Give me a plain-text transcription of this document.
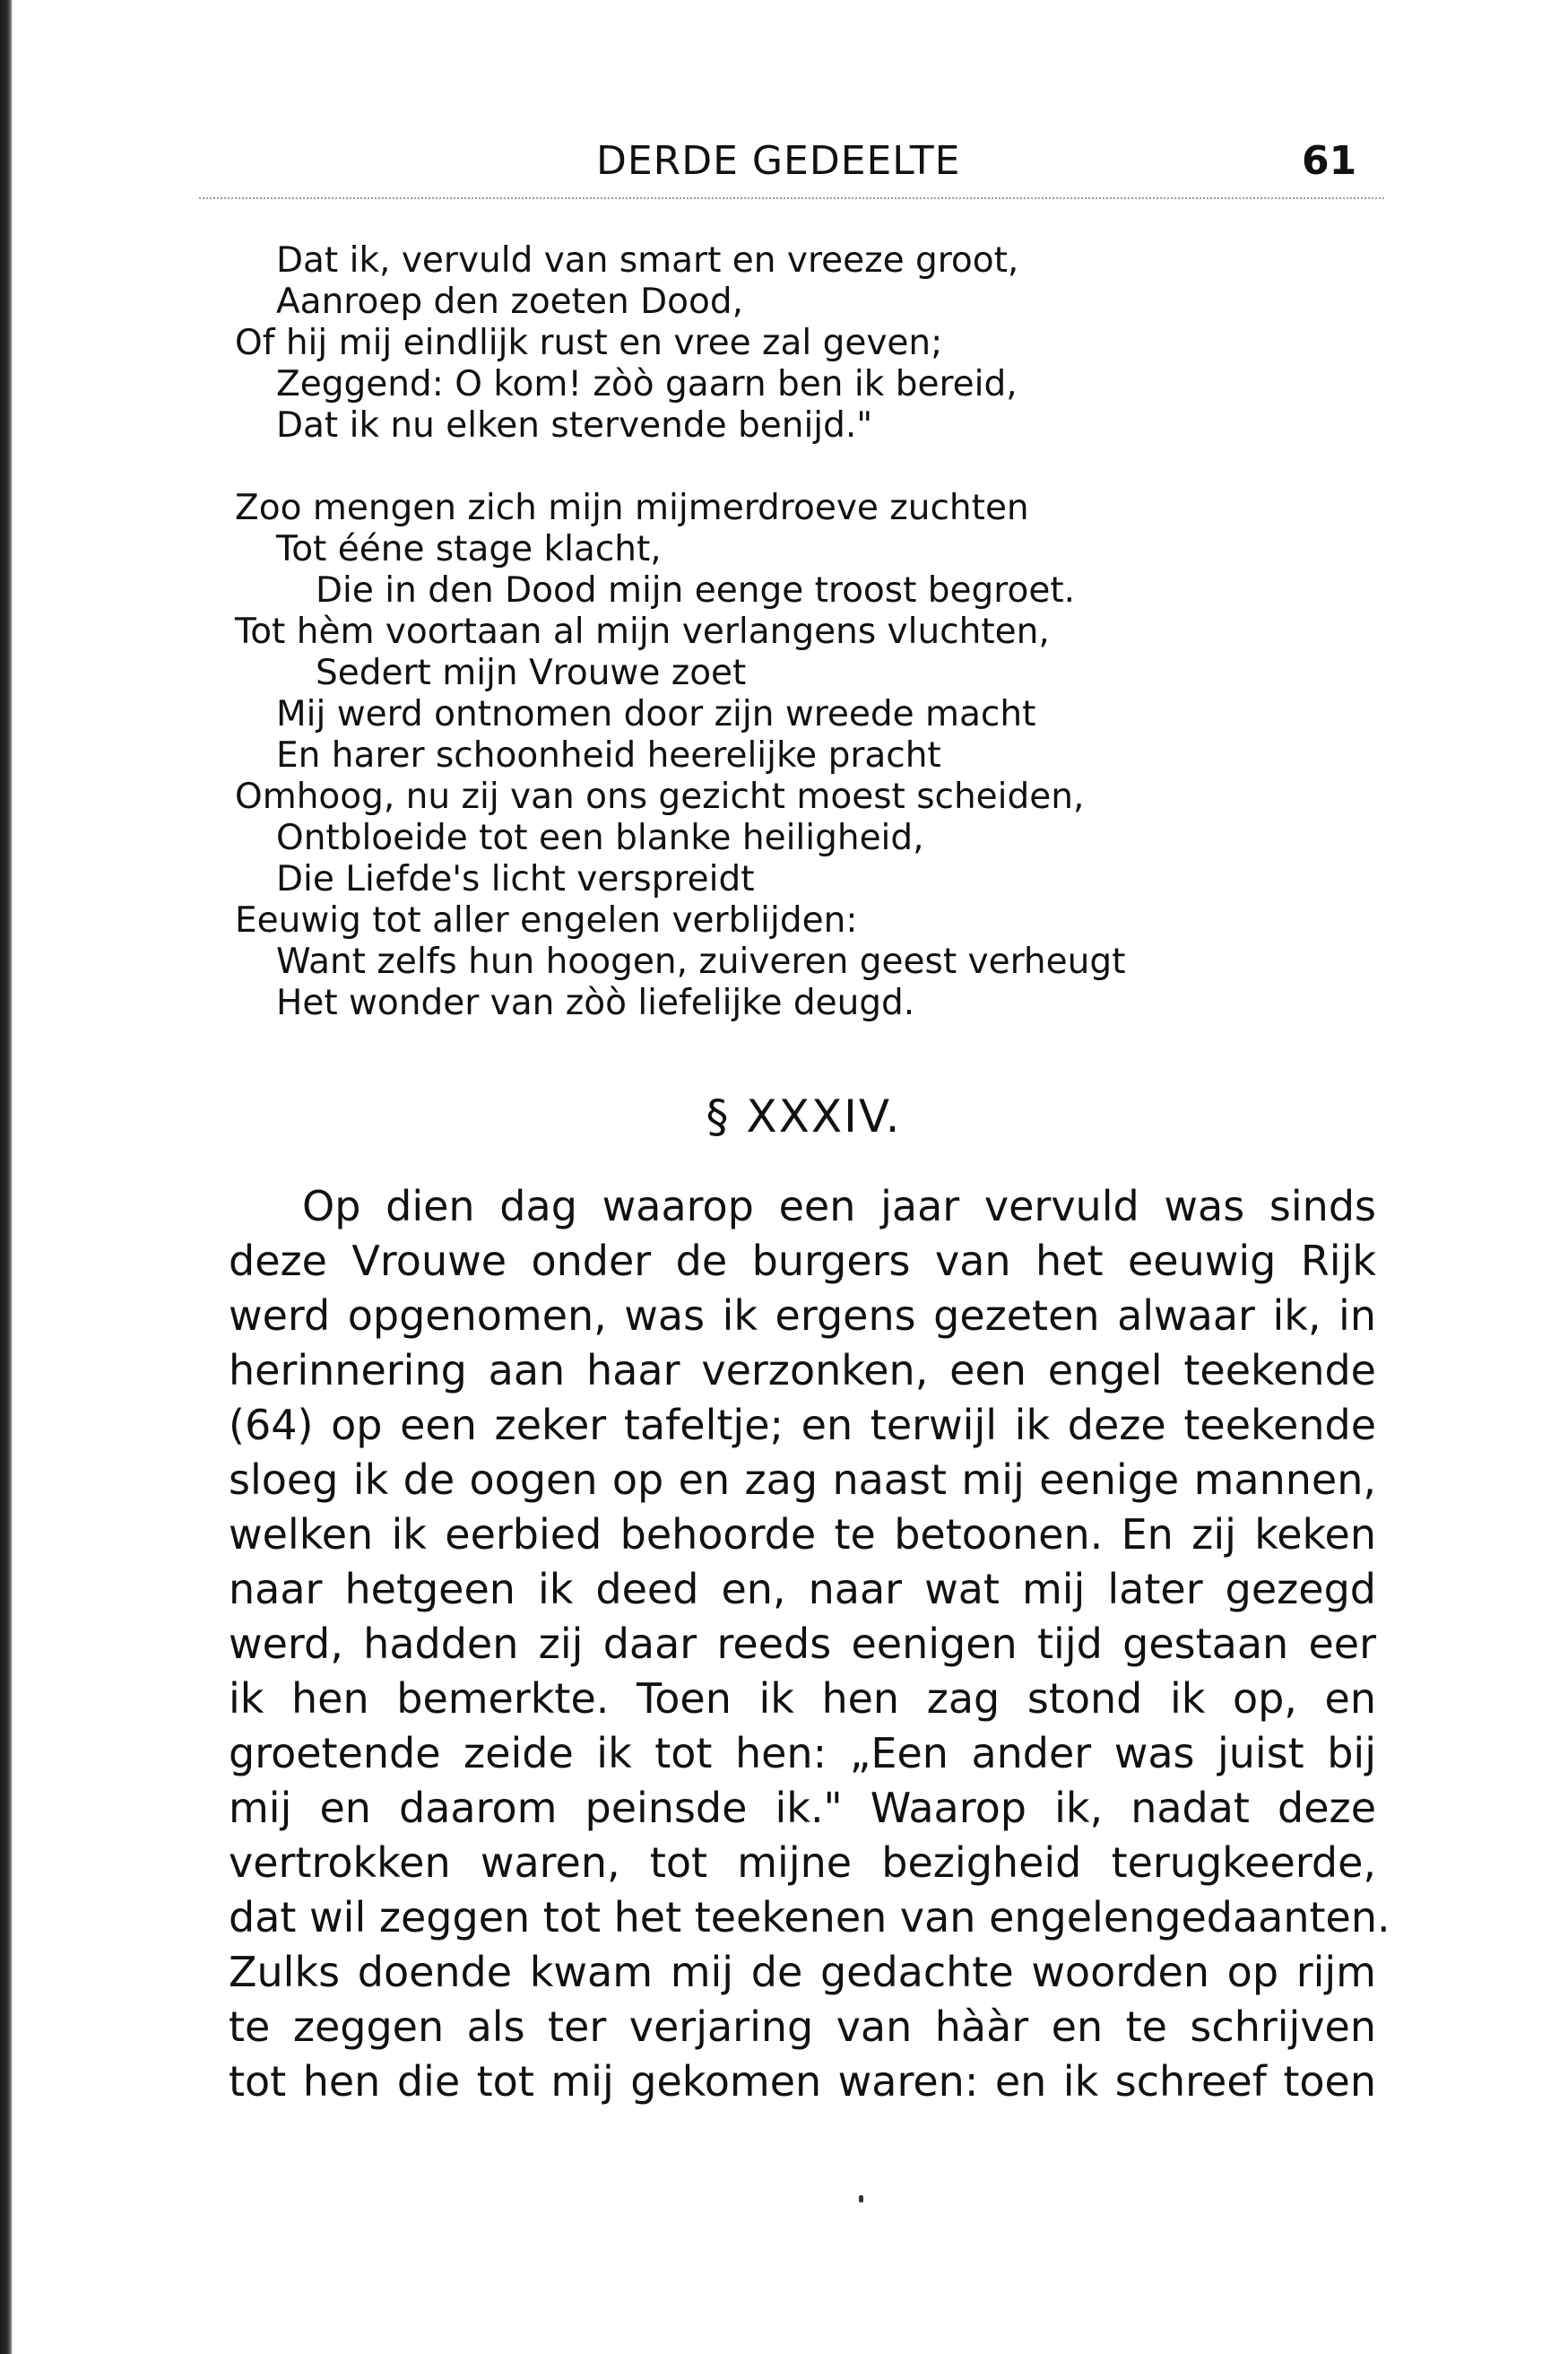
DERDE GEDEELTE	61
Dat ik, vervuld van smart en vreeze groot,
Aanroep den zoeten Dood,
Of hij mij eindlijk rust en vree zal geven;
Zeggend: O kom! zòò gaarn ben ik bereid,
Dat ik nu elken stervende benijd."
Zoo mengen zich mijn mijmerdroeve zuchten
Tot ééne stage klacht,
Die in den Dood mijn eenge troost begroet.
Tot hèm voortaan al mijn verlangens vluchten,
Sedert mijn Vrouwe zoet
Mij werd ontnomen door zijn wreede macht
En harer schoonheid heerelijke pracht
Omhoog, nu zij van ons gezicht moest scheiden,
Ontbloeide tot een blanke heiligheid,
Die Liefde's licht verspreidt
Eeuwig tot aller engelen verblijden:
Want zelfs hun hoogen, zuiveren geest verheugt
Het wonder van zòò liefelijke deugd.
§ XXXIV.
Op dien dag waarop een jaar vervuld was sinds
deze Vrouwe onder de burgers van het eeuwig Rijk
werd opgenomen, was ik ergens gezeten alwaar ik, in
herinnering aan haar verzonken, een engel teekende
(64) op een zeker tafeltje; en terwijl ik deze teekende
sloeg ik de oogen op en zag naast mij eenige mannen,
welken ik eerbied behoorde te betoonen. En zij keken
naar hetgeen ik deed en, naar wat mij later gezegd
werd, hadden zij daar reeds eenigen tijd gestaan eer
ik hen bemerkte. Toen ik hen zag stond ik op, en
groetende zeide ik tot hen: „Een ander was juist bij
mij en daarom peinsde ik." Waarop ik, nadat deze
vertrokken waren, tot mijne bezigheid terugkeerde,
dat wil zeggen tot het teekenen van engelengedaanten.
Zulks doende kwam mij de gedachte woorden op rijm
te zeggen als ter verjaring van hààr en te schrijven
tot hen die tot mij gekomen waren: en ik schreef toen
